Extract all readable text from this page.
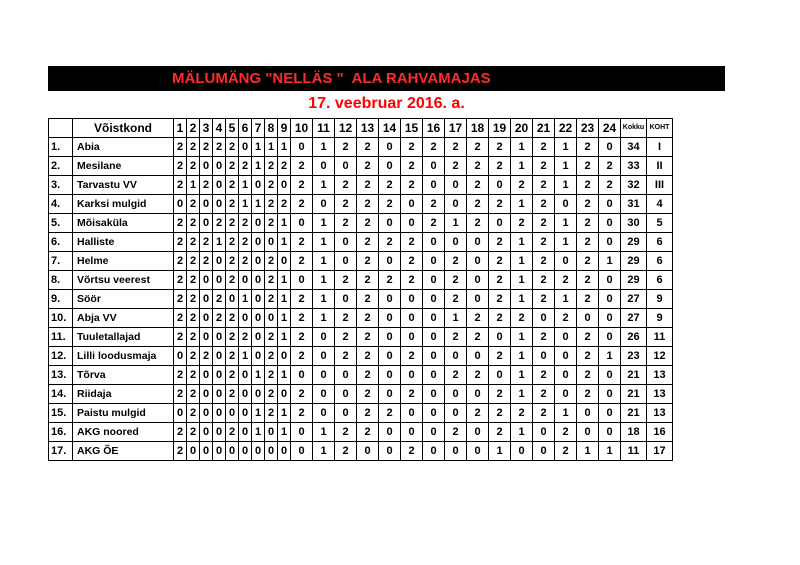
MÄLUMÄNG "NELLÄS "  ALA RAHVAMAJAS
17. veebruar 2016. a.
	Võistkond	1	2	3	4	5	6	7	8	9	10	11	12	13	14	15	16	17	18	19	20	21	22	23	24	Kokku	KOHT
1.	Abia	2	2	2	2	2	0	1	1	1	0	1	2	2	0	2	2	2	2	2	1	2	1	2	0	34	I
2.	Mesilane	2	2	0	0	2	2	1	2	2	2	0	0	2	0	2	0	2	2	2	1	2	1	2	2	33	II
3.	Tarvastu VV	2	1	2	0	2	1	0	2	0	2	1	2	2	2	2	0	0	2	0	2	2	1	2	2	32	III
4.	Karksi mulgid	0	2	0	0	2	1	1	2	2	2	0	2	2	2	0	2	0	2	2	1	2	0	2	0	31	4
5.	Mõisaküla	2	2	0	2	2	2	0	2	1	0	1	2	2	0	0	2	1	2	0	2	2	1	2	0	30	5
6.	Halliste	2	2	2	1	2	2	0	0	1	2	1	0	2	2	2	0	0	0	2	1	2	1	2	0	29	6
7.	Helme	2	2	2	0	2	2	0	2	0	2	1	0	2	0	2	0	2	0	2	1	2	0	2	1	29	6
8.	Võrtsu veerest	2	2	0	0	2	0	0	2	1	0	1	2	2	2	2	0	2	0	2	1	2	2	2	0	29	6
9.	Söör	2	2	0	2	0	1	0	2	1	2	1	0	2	0	0	0	2	0	2	1	2	1	2	0	27	9
10.	Abja VV	2	2	0	2	2	0	0	0	1	2	1	2	2	0	0	0	1	2	2	2	0	2	0	0	27	9
11.	Tuuletallajad	2	2	0	0	2	2	0	2	1	2	0	2	2	0	0	0	2	2	0	1	2	0	2	0	26	11
12.	Lilli loodusmaja	0	2	2	0	2	1	0	2	0	2	0	2	2	0	2	0	0	0	2	1	0	0	2	1	23	12
13.	Tõrva	2	2	0	0	2	0	1	2	1	0	0	0	2	0	0	0	2	2	0	1	2	0	2	0	21	13
14.	Riidaja	2	2	0	0	2	0	0	2	0	2	0	0	2	0	2	0	0	0	2	1	2	0	2	0	21	13
15.	Paistu mulgid	0	2	0	0	0	0	1	2	1	2	0	0	2	2	0	0	0	2	2	2	2	1	0	0	21	13
16.	AKG noored	2	2	0	0	2	0	1	0	1	0	1	2	2	0	0	0	2	0	2	1	0	2	0	0	18	16
17.	AKG ÕE	2	0	0	0	0	0	0	0	0	0	1	2	0	0	2	0	0	0	1	0	0	2	1	1	11	17
